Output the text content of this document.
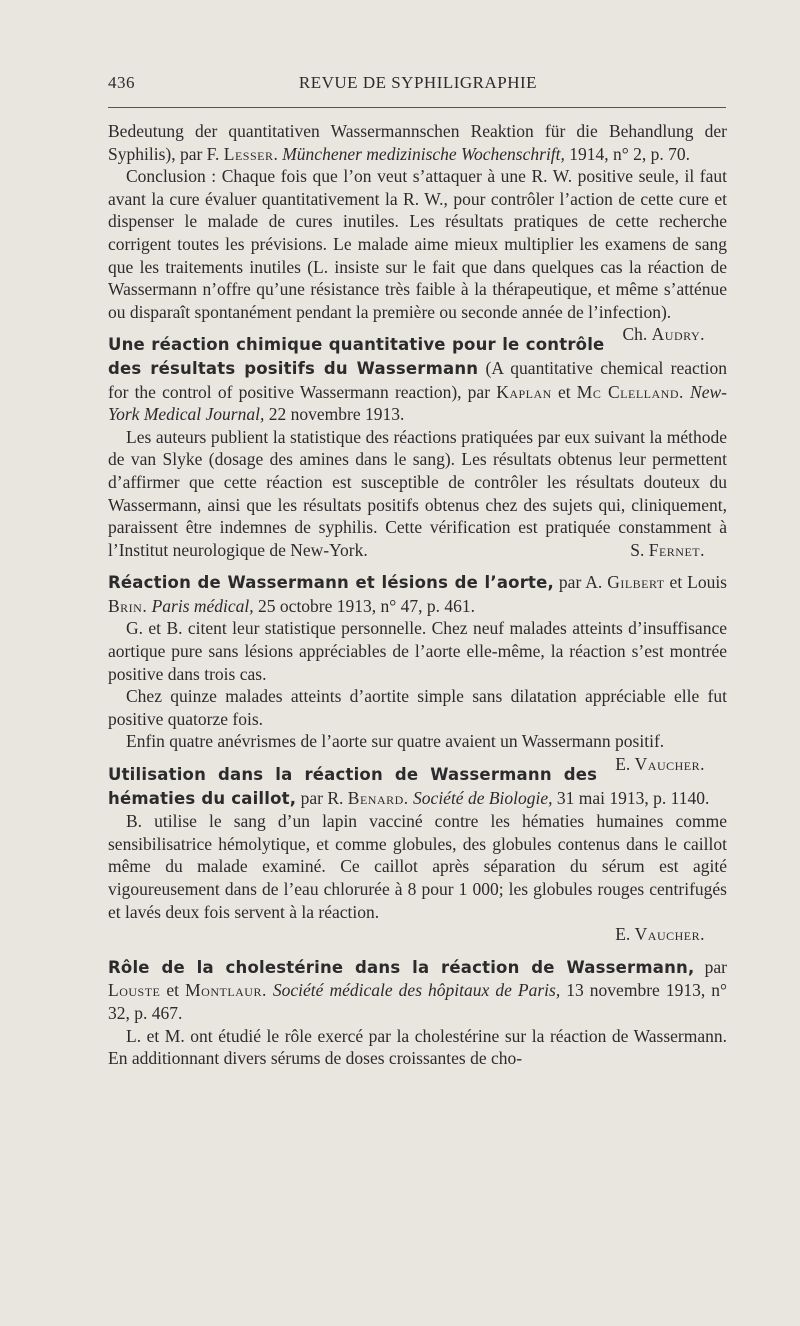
436	REVUE DE SYPHILIGRAPHIE

Bedeutung der quantitativen Wassermannschen Reaktion für die Behandlung der Syphilis), par F. Lesser. Münchener medizinische Wochenschrift, 1914, n° 2, p. 70.

Conclusion : Chaque fois que l’on veut s’attaquer à une R. W. positive seule, il faut avant la cure évaluer quantitativement la R. W., pour contrôler l’action de cette cure et dispenser le malade de cures inutiles. Les résultats pratiques de cette recherche corrigent toutes les prévisions. Le malade aime mieux multiplier les examens de sang que les traitements inutiles (L. insiste sur le fait que dans quelques cas la réaction de Wassermann n’offre qu’une résistance très faible à la thérapeutique, et même s’atténue ou disparaît spontanément pendant la première ou seconde année de l’infection).
Ch. Audry.

Une réaction chimique quantitative pour le contrôle des résultats positifs du Wassermann (A quantitative chemical reaction for the control of positive Wassermann reaction), par Kaplan et Mc Clelland. New-York Medical Journal, 22 novembre 1913.

Les auteurs publient la statistique des réactions pratiquées par eux suivant la méthode de van Slyke (dosage des amines dans le sang). Les résultats obtenus leur permettent d’affirmer que cette réaction est susceptible de contrôler les résultats douteux du Wassermann, ainsi que les résultats positifs obtenus chez des sujets qui, cliniquement, paraissent être indemnes de syphilis. Cette vérification est pratiquée constamment à l’Institut neurologique de New-York.	S. Fernet.

Réaction de Wassermann et lésions de l’aorte, par A. Gilbert et Louis Brin. Paris médical, 25 octobre 1913, n° 47, p. 461.

G. et B. citent leur statistique personnelle. Chez neuf malades atteints d’insuffisance aortique pure sans lésions appréciables de l’aorte elle-même, la réaction s’est montrée positive dans trois cas.

Chez quinze malades atteints d’aortite simple sans dilatation appréciable elle fut positive quatorze fois.

Enfin quatre anévrismes de l’aorte sur quatre avaient un Wassermann positif.
E. Vaucher.

Utilisation dans la réaction de Wassermann des hématies du caillot, par R. Benard. Société de Biologie, 31 mai 1913, p. 1140.

B. utilise le sang d’un lapin vacciné contre les hématies humaines comme sensibilisatrice hémolytique, et comme globules, des globules contenus dans le caillot même du malade examiné. Ce caillot après séparation du sérum est agité vigoureusement dans de l’eau chlorurée à 8 pour 1 000; les globules rouges centrifugés et lavés deux fois servent à la réaction.

E. Vaucher.

Rôle de la cholestérine dans la réaction de Wassermann, par Louste et Montlaur. Société médicale des hôpitaux de Paris, 13 novembre 1913, n° 32, p. 467.

L. et M. ont étudié le rôle exercé par la cholestérine sur la réaction de Wassermann. En additionnant divers sérums de doses croissantes de cho-
